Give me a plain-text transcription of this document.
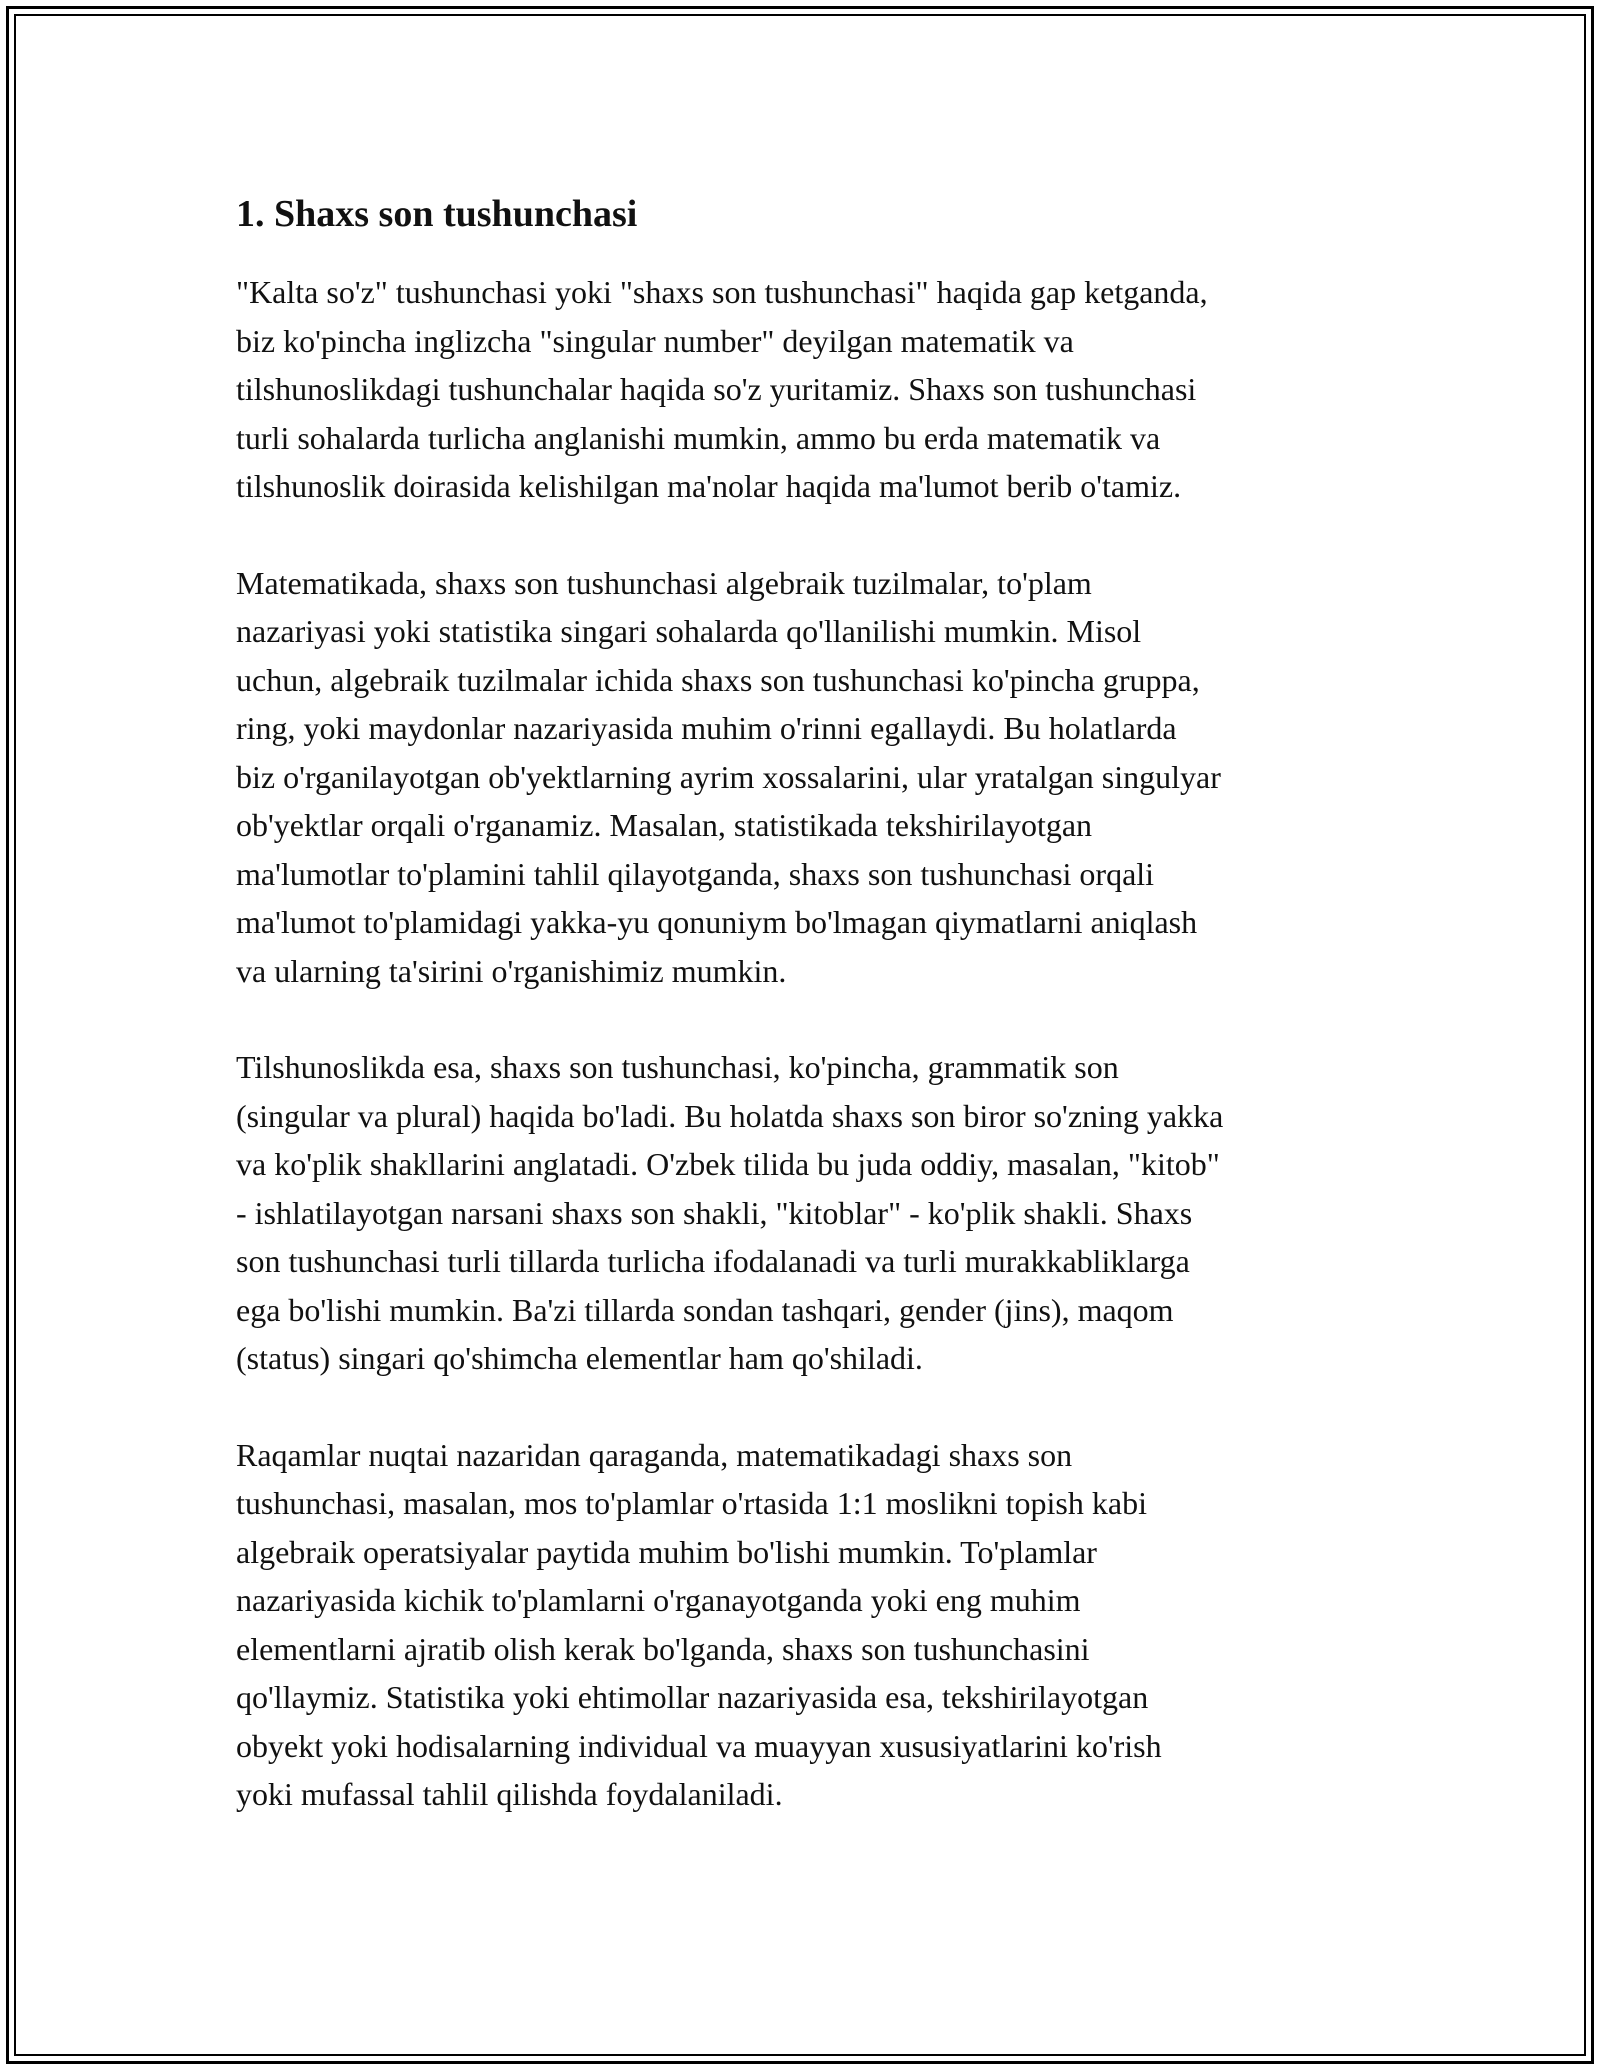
1. Shaxs son tushunchasi

"Kalta so'z" tushunchasi yoki "shaxs son tushunchasi" haqida gap ketganda,
biz ko'pincha inglizcha "singular number" deyilgan matematik va
tilshunoslikdagi tushunchalar haqida so'z yuritamiz. Shaxs son tushunchasi
turli sohalarda turlicha anglanishi mumkin, ammo bu erda matematik va
tilshunoslik doirasida kelishilgan ma'nolar haqida ma'lumot berib o'tamiz.

Matematikada, shaxs son tushunchasi algebraik tuzilmalar, to'plam
nazariyasi yoki statistika singari sohalarda qo'llanilishi mumkin. Misol
uchun, algebraik tuzilmalar ichida shaxs son tushunchasi ko'pincha gruppa,
ring, yoki maydonlar nazariyasida muhim o'rinni egallaydi. Bu holatlarda
biz o'rganilayotgan ob'yektlarning ayrim xossalarini, ular yratalgan singulyar
ob'yektlar orqali o'rganamiz. Masalan, statistikada tekshirilayotgan
ma'lumotlar to'plamini tahlil qilayotganda, shaxs son tushunchasi orqali
ma'lumot to'plamidagi yakka-yu qonuniym bo'lmagan qiymatlarni aniqlash
va ularning ta'sirini o'rganishimiz mumkin.

Tilshunoslikda esa, shaxs son tushunchasi, ko'pincha, grammatik son
(singular va plural) haqida bo'ladi. Bu holatda shaxs son biror so'zning yakka
va ko'plik shakllarini anglatadi. O'zbek tilida bu juda oddiy, masalan, "kitob"
- ishlatilayotgan narsani shaxs son shakli, "kitoblar" - ko'plik shakli. Shaxs
son tushunchasi turli tillarda turlicha ifodalanadi va turli murakkabliklarga
ega bo'lishi mumkin. Ba'zi tillarda sondan tashqari, gender (jins), maqom
(status) singari qo'shimcha elementlar ham qo'shiladi.

Raqamlar nuqtai nazaridan qaraganda, matematikadagi shaxs son
tushunchasi, masalan, mos to'plamlar o'rtasida 1:1 moslikni topish kabi
algebraik operatsiyalar paytida muhim bo'lishi mumkin. To'plamlar
nazariyasida kichik to'plamlarni o'rganayotganda yoki eng muhim
elementlarni ajratib olish kerak bo'lganda, shaxs son tushunchasini
qo'llaymiz. Statistika yoki ehtimollar nazariyasida esa, tekshirilayotgan
obyekt yoki hodisalarning individual va muayyan xususiyatlarini ko'rish
yoki mufassal tahlil qilishda foydalaniladi.
